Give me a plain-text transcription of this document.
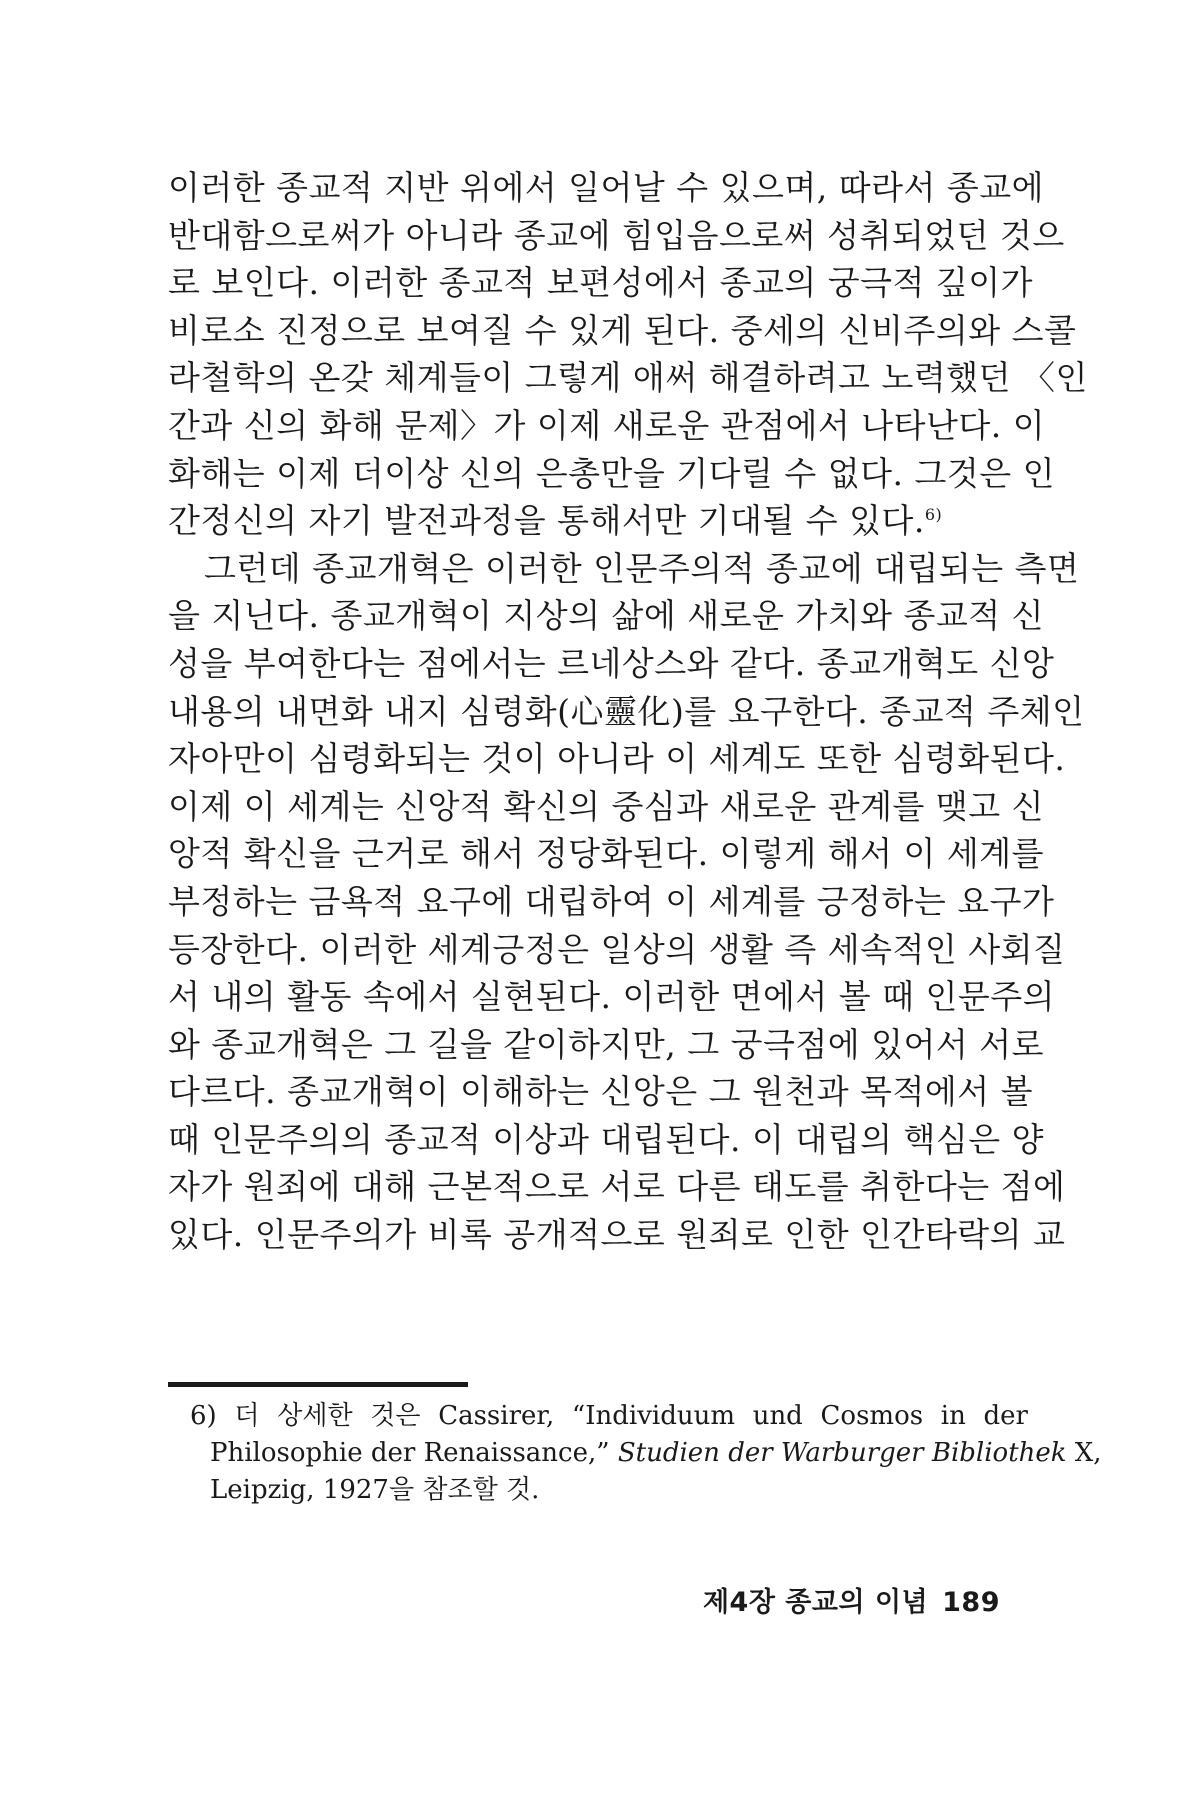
이러한 종교적 지반 위에서 일어날 수 있으며, 따라서 종교에
반대함으로써가 아니라 종교에 힘입음으로써 성취되었던 것으
로 보인다. 이러한 종교적 보편성에서 종교의 궁극적 깊이가
비로소 진정으로 보여질 수 있게 된다. 중세의 신비주의와 스콜
라철학의 온갖 체계들이 그렇게 애써 해결하려고 노력했던 〈인
간과 신의 화해 문제〉가 이제 새로운 관점에서 나타난다. 이
화해는 이제 더이상 신의 은총만을 기다릴 수 없다. 그것은 인
간정신의 자기 발전과정을 통해서만 기대될 수 있다.$^{6)}$
그런데 종교개혁은 이러한 인문주의적 종교에 대립되는 측면
을 지닌다. 종교개혁이 지상의 삶에 새로운 가치와 종교적 신
성을 부여한다는 점에서는 르네상스와 같다. 종교개혁도 신앙
내용의 내면화 내지 심령화(心靈化)를 요구한다. 종교적 주체인
자아만이 심령화되는 것이 아니라 이 세계도 또한 심령화된다.
이제 이 세계는 신앙적 확신의 중심과 새로운 관계를 맺고 신
앙적 확신을 근거로 해서 정당화된다. 이렇게 해서 이 세계를
부정하는 금욕적 요구에 대립하여 이 세계를 긍정하는 요구가
등장한다. 이러한 세계긍정은 일상의 생활 즉 세속적인 사회질
서 내의 활동 속에서 실현된다. 이러한 면에서 볼 때 인문주의
와 종교개혁은 그 길을 같이하지만, 그 궁극점에 있어서 서로
다르다. 종교개혁이 이해하는 신앙은 그 원천과 목적에서 볼
때 인문주의의 종교적 이상과 대립된다. 이 대립의 핵심은 양
자가 원죄에 대해 근본적으로 서로 다른 태도를 취한다는 점에
있다. 인문주의가 비록 공개적으로 원죄로 인한 인간타락의 교
6) 더 상세한 것은 Cassirer, “Individuum und Cosmos in der
Philosophie der Renaissance,” Studien der Warburger Bibliothek X,
Leipzig, 1927을 참조할 것.
제4장 종교의 이념 189
